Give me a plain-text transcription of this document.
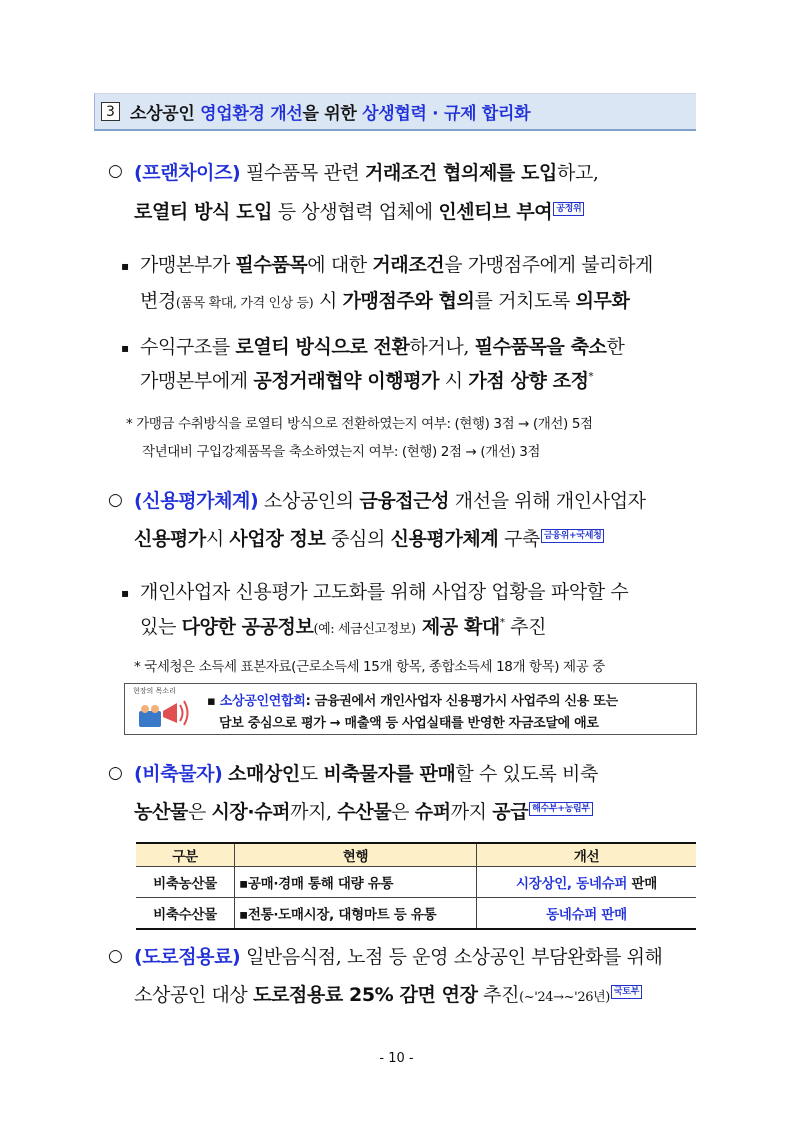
3 소상공인 영업환경 개선을 위한 상생협력 · 규제 합리화
○ (프랜차이즈) 필수품목 관련 거래조건 협의제를 도입하고,
로열티 방식 도입 등 상생협력 업체에 인센티브 부여 공정위
▪ 가맹본부가 필수품목에 대한 거래조건을 가맹점주에게 불리하게
변경(품목 확대, 가격 인상 등) 시 가맹점주와 협의를 거치도록 의무화
▪ 수익구조를 로열티 방식으로 전환하거나, 필수품목을 축소한
가맹본부에게 공정거래협약 이행평가 시 가점 상향 조정*
* 가맹금 수취방식을 로열티 방식으로 전환하였는지 여부: (현행) 3점 → (개선) 5점
작년대비 구입강제품목을 축소하였는지 여부: (현행) 2점 → (개선) 3점
○ (신용평가체계) 소상공인의 금융접근성 개선을 위해 개인사업자
신용평가시 사업장 정보 중심의 신용평가체계 구축 금융위+국세청
▪ 개인사업자 신용평가 고도화를 위해 사업장 업황을 파악할 수
있는 다양한 공공정보(예: 세금신고정보) 제공 확대* 추진
* 국세청은 소득세 표본자료(근로소득세 15개 항목, 종합소득세 18개 항목) 제공 중
현장의 목소리
▪ 소상공인연합회: 금융권에서 개인사업자 신용평가시 사업주의 신용 또는
담보 중심으로 평가 → 매출액 등 사업실태를 반영한 자금조달에 애로
○ (비축물자) 소매상인도 비축물자를 판매할 수 있도록 비축
농산물은 시장·슈퍼까지, 수산물은 슈퍼까지 공급 해수부+농림부
구분	현행	개선
비축농산물	▪공매·경매 통해 대량 유통	시장상인, 동네슈퍼 판매
비축수산물	▪전통·도매시장, 대형마트 등 유통	동네슈퍼 판매
○ (도로점용료) 일반음식점, 노점 등 운영 소상공인 부담완화를 위해
소상공인 대상 도로점용료 25% 감면 연장 추진(~'24→~'26년) 국토부
- 10 -
